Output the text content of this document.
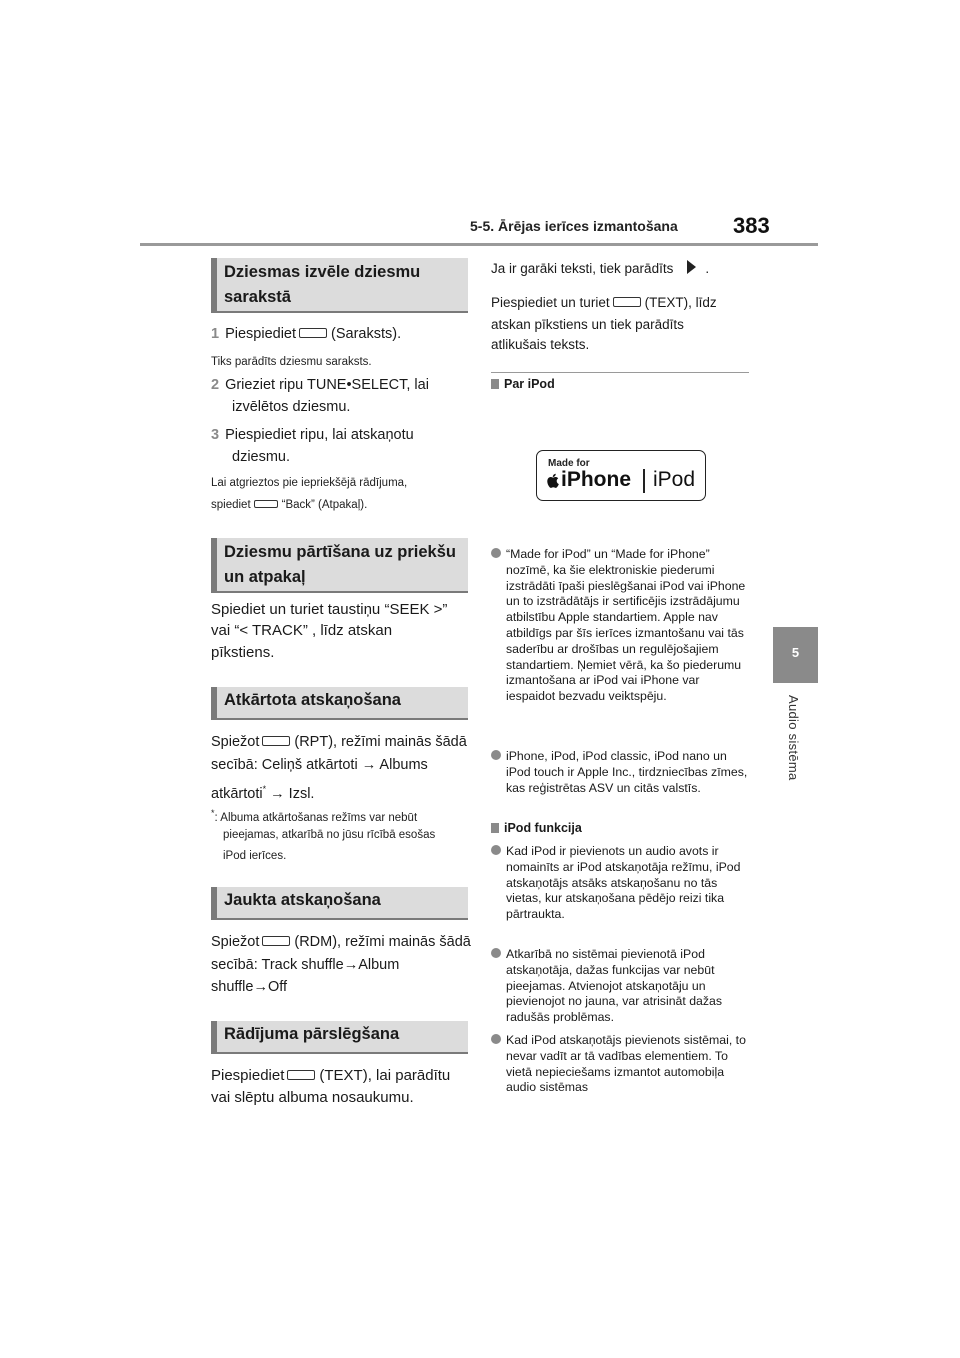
5-5. Ārējas ierīces izmantošana	383
5
Audio sistēma
Dziesmas izvēle dziesmu sarakstā
1 Piespiediet (Saraksts).
Tiks parādīts dziesmu saraksts.
2 Grieziet ripu TUNE•SELECT, lai
izvēlētos dziesmu.
3 Piespiediet ripu, lai atskaņotu
dziesmu.
Lai atgrieztos pie iepriekšējā rādījuma,
spiediet	“Back” (Atpakaļ).
Dziesmu pārtīšana uz priekšu un atpakaļ
Spiediet un turiet taustiņu “SEEK >”
vai “< TRACK” , līdz atskan
pīkstiens.
Atkārtota atskaņošana
Spiežot (RPT), režīmi mainās šādā
secībā: Celiņš atkārtoti → Albums
atkārtoti* → Izsl.
*: Albuma atkārtošanas režīms var nebūt
pieejamas, atkarībā no jūsu rīcībā esošas
iPod ierīces.
Jaukta atskaņošana
Spiežot (RDM), režīmi mainās šādā
secībā: Track shuffle→Album
shuffle→Off
Rādījuma pārslēgšana
Piespiediet (TEXT), lai parādītu
vai slēptu albuma nosaukumu.
Ja ir garāki teksti, tiek parādīts .
Piespiediet un turiet	(TEXT), līdz
atskan pīkstiens un tiek parādīts
atlikušais teksts.
Par iPod
Made for
iPhone iPod
“Made for iPod” un “Made for iPhone” nozīmē, ka šie elektroniskie piederumi izstrādāti īpaši pieslēgšanai iPod vai iPhone un to izstrādātājs ir sertificējis izstrādājumu atbilstību Apple standartiem. Apple nav atbildīgs par šīs ierīces izmantošanu vai tās saderību ar drošības un regulējošajiem standartiem. Ņemiet vērā, ka šo piederumu izmantošana ar iPod vai iPhone var iespaidot bezvadu veiktspēju.
iPhone, iPod, iPod classic, iPod nano un iPod touch ir Apple Inc., tirdzniecības zīmes, kas reģistrētas ASV un citās valstīs.
iPod funkcija
Kad iPod ir pievienots un audio avots ir nomainīts ar iPod atskaņotāja režīmu, iPod atskaņotājs atsāks atskaņošanu no tās vietas, kur atskaņošana pēdējo reizi tika pārtraukta.
Atkarībā no sistēmai pievienotā iPod atskaņotāja, dažas funkcijas var nebūt pieejamas. Atvienojot atskaņotāju un pievienojot no jauna, var atrisināt dažas radušās problēmas.
Kad iPod atskaņotājs pievienots sistēmai, to nevar vadīt ar tā vadības elementiem. To vietā nepieciešams izmantot automobiļa audio sistēmas
